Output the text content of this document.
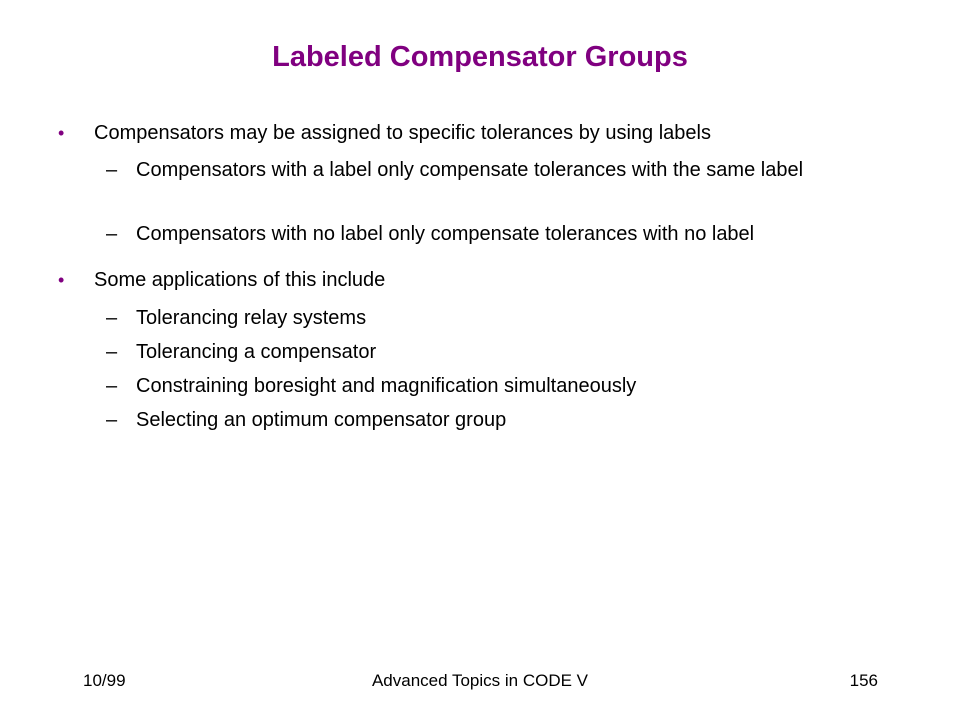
Labeled Compensator Groups
• Compensators may be assigned to specific tolerances by using labels
– Compensators with a label only compensate tolerances with the same label
– Compensators with no label only compensate tolerances with no label
• Some applications of this include
– Tolerancing relay systems
– Tolerancing a compensator
– Constraining boresight and magnification simultaneously
– Selecting an optimum compensator group
10/99	Advanced Topics in CODE V	156
